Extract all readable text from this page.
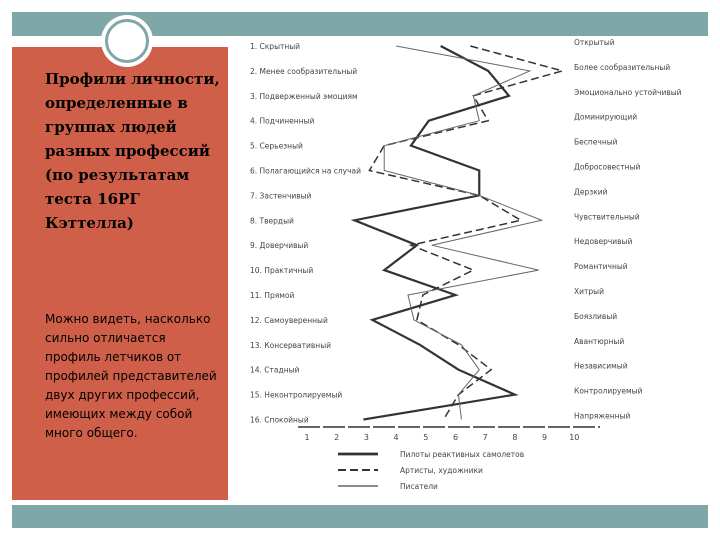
Профили личности, определенные в группах людей разных профессий (по результатам теста 16РГ Кэттелла)
Можно видеть, насколько сильно отличается профиль летчиков от профилей представителей двух других профессий, имеющих между собой много общего.
1. Скрытный
2. Менее сообразительный
3. Подверженный эмоциям
4. Подчиненный
5. Серьезный
6. Полагающийся на случай
7. Застенчивый
8. Твердый
9. Доверчивый
10. Практичный
11. Прямой
12. Самоуверенный
13. Консервативный
14. Стадный
15. Неконтролируемый
16. Спокойный
Открытый
Более сообразительный
Эмоционально устойчивый
Доминирующий
Беспечный
Добросовестный
Дерзкий
Чувствительный
Недоверчивый
Романтичный
Хитрый
Боязливый
Авантюрный
Независимый
Контролируемый
Напряженный
1	2	3	4	5	6	7	8	9	10
Пилоты реактивных самолетов
Артисты, художники
Писатели
